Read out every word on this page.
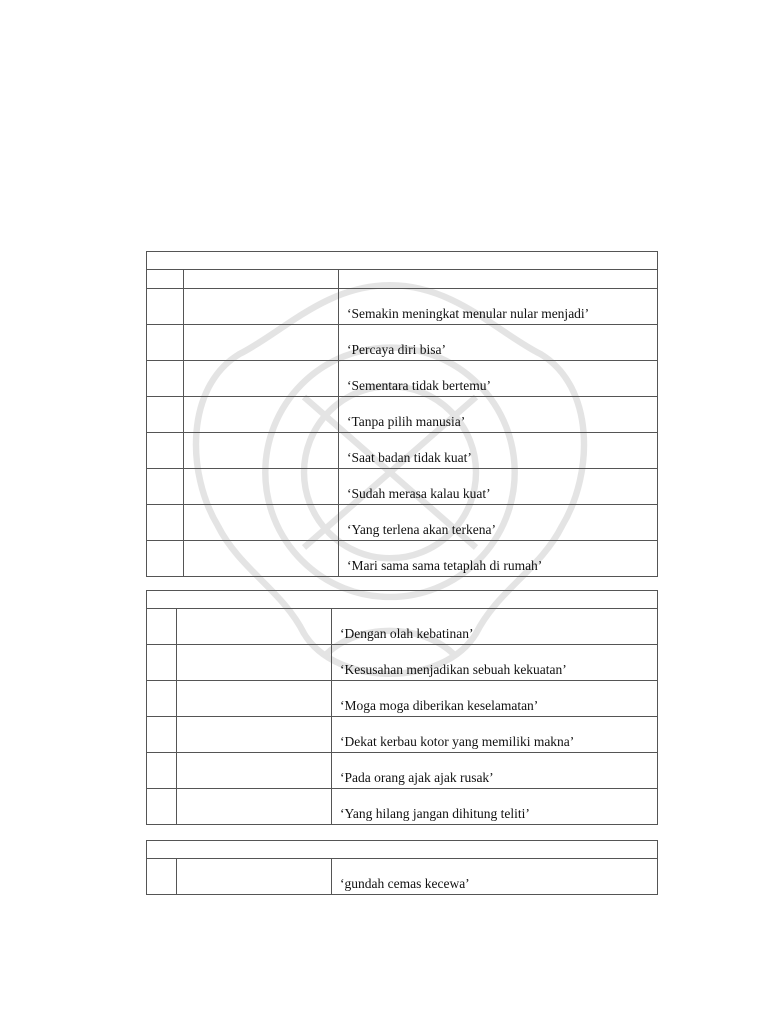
		‘Semakin meningkat menular nular menjadi’
		‘Percaya diri bisa’
		‘Sementara tidak bertemu’
		‘Tanpa pilih manusia’
		‘Saat badan tidak kuat’
		‘Sudah merasa kalau kuat’
		‘Yang terlena akan terkena’
		‘Mari sama sama tetaplah di rumah’

		‘Dengan olah kebatinan’
		‘Kesusahan menjadikan sebuah kekuatan’
		‘Moga moga diberikan keselamatan’
		‘Dekat kerbau kotor yang memiliki makna’
		‘Pada orang ajak ajak rusak’
		‘Yang hilang jangan dihitung teliti’

		‘gundah cemas kecewa’
